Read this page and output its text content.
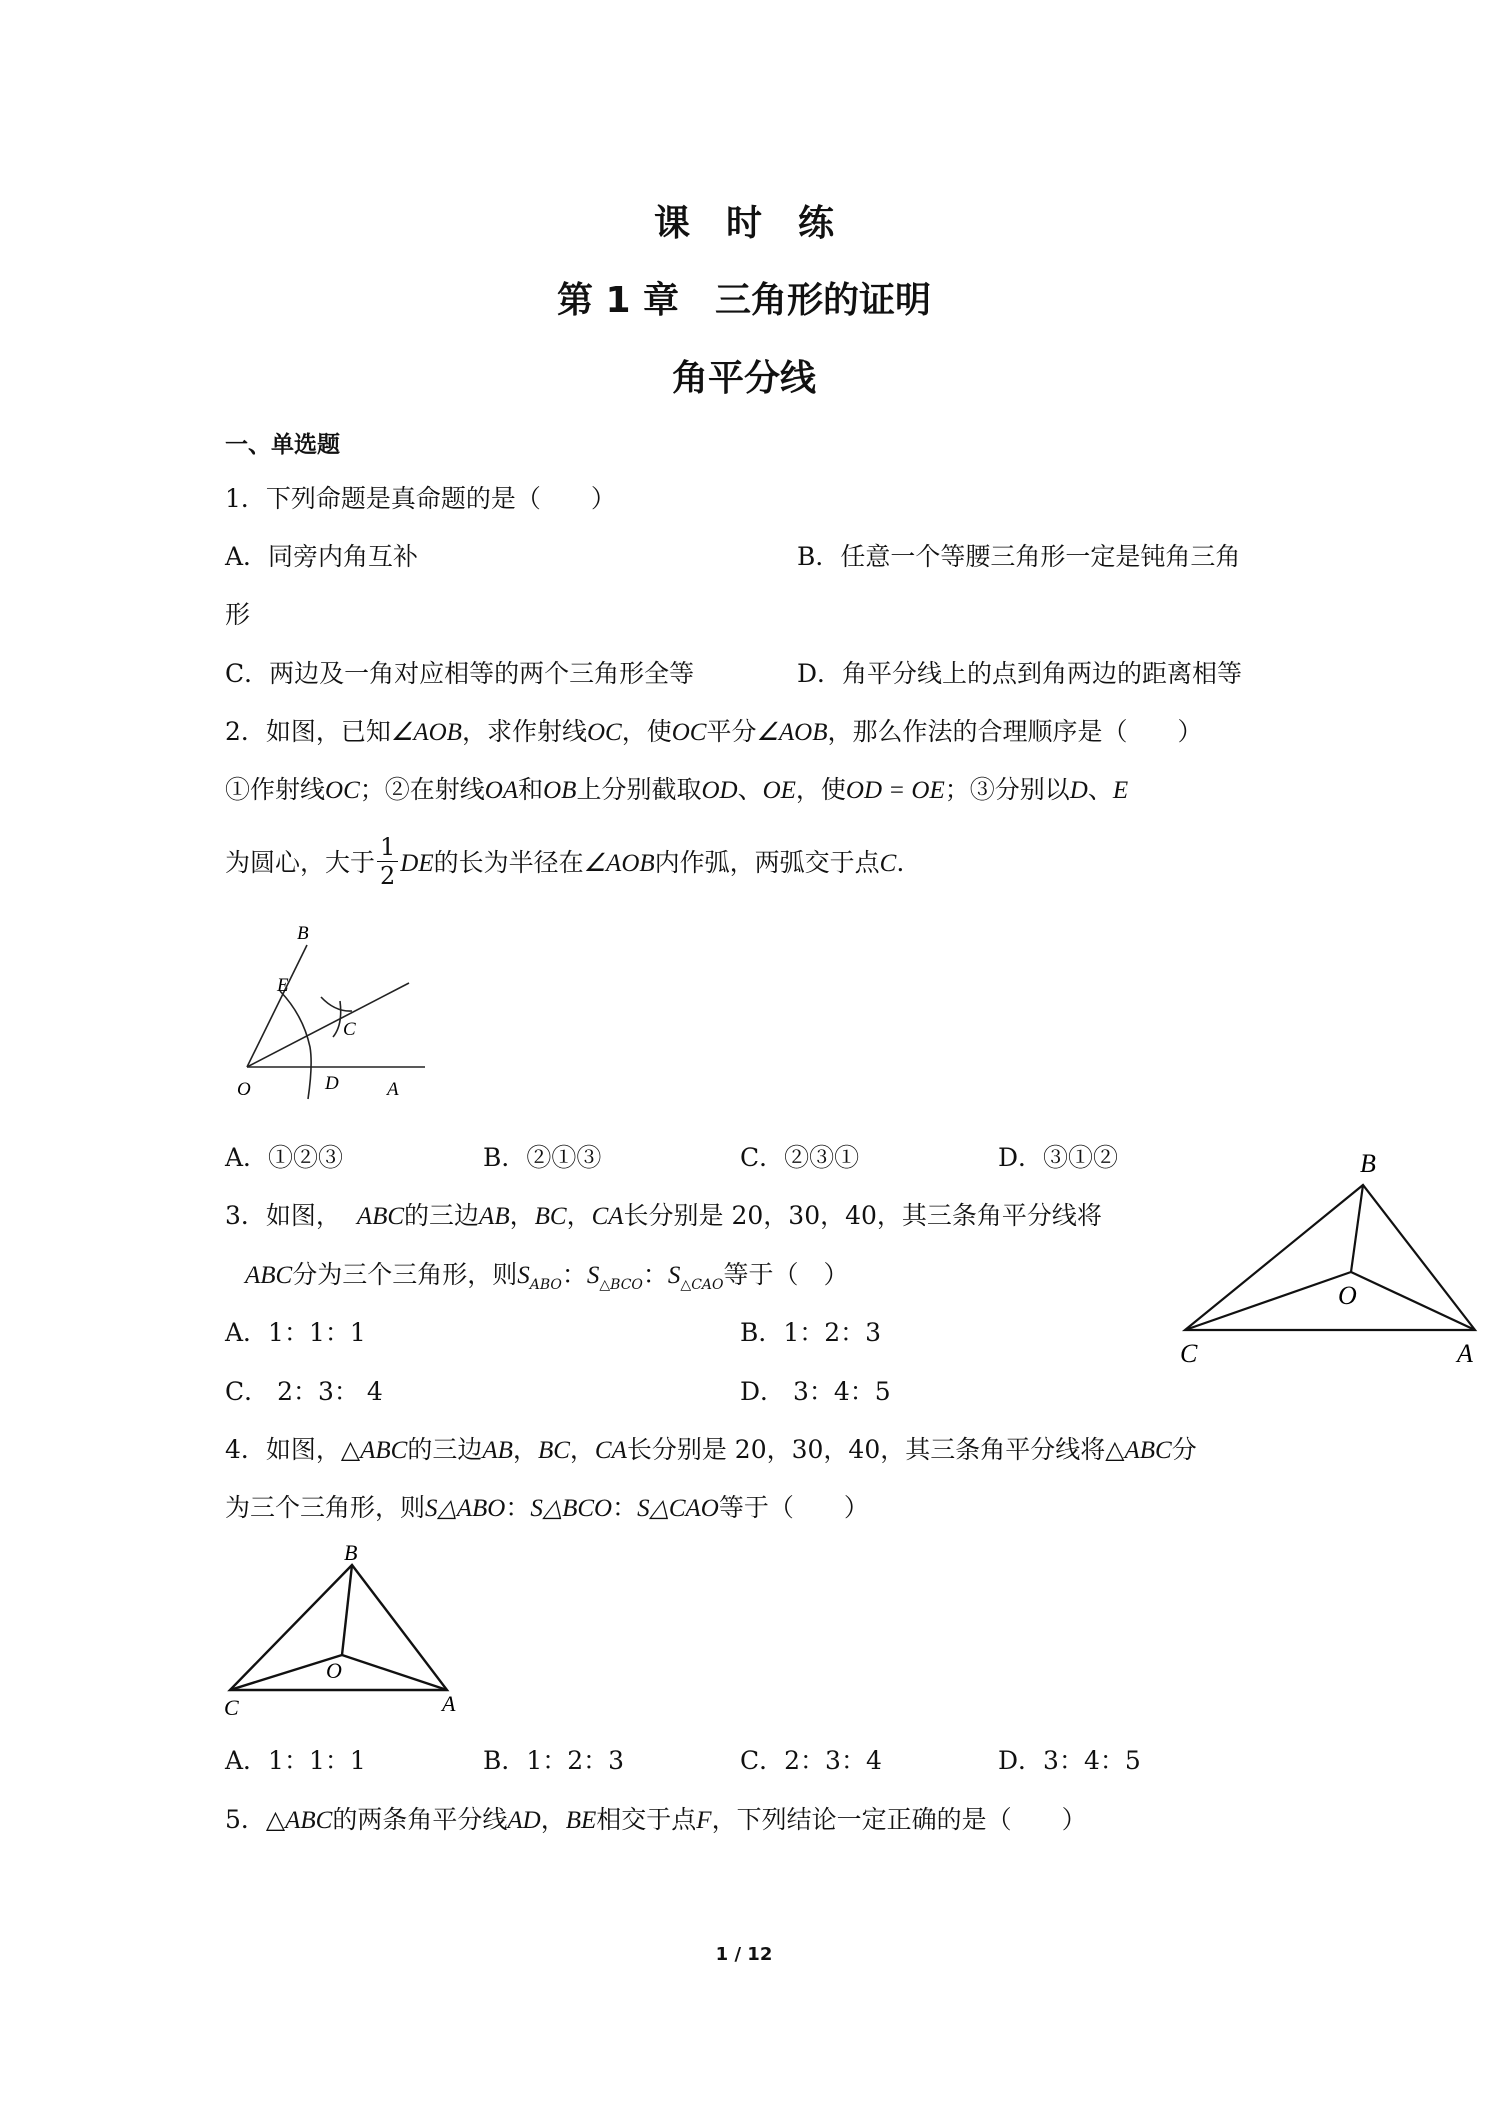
课　时　练
第 1 章　三角形的证明
角平分线
一、单选题
1．下列命题是真命题的是（　　）
A．同旁内角互补	B．任意一个等腰三角形一定是钝角三角
形
C．两边及一角对应相等的两个三角形全等	D．角平分线上的点到角两边的距离相等
2．如图，已知∠AOB，求作射线OC，使OC平分∠AOB，那么作法的合理顺序是（　　）
①作射线OC；②在射线OA和OB上分别截取OD、OE，使OD = OE；③分别以D、E
为圆心，大于 $\frac{1}{2}$ DE的长为半径在∠AOB内作弧，两弧交于点C.
B
E
C
O	D	A
A．①②③	B．②①③	C．②③①	D．③①②
3．如图， ABC的三边AB，BC，CA长分别是 20，30，40，其三条角平分线将
ABC分为三个三角形，则$S_{ABO}$：$S_{\triangle BCO}$：$S_{\triangle CAO}$等于（　）
A．1：1：1	B．1：2：3
C． 2：3： 4	D． 3：4：5
B
O
C	A
4．如图，△ABC的三边AB，BC，CA长分别是 20，30，40，其三条角平分线将△ABC分
为三个三角形，则S△ABO：S△BCO：S△CAO等于（　　）
B
O
C	A
A．1：1：1	B．1：2：3	C．2：3：4	D．3：4：5
5．△ABC的两条角平分线AD，BE相交于点F，下列结论一定正确的是（　　）
1 / 12
